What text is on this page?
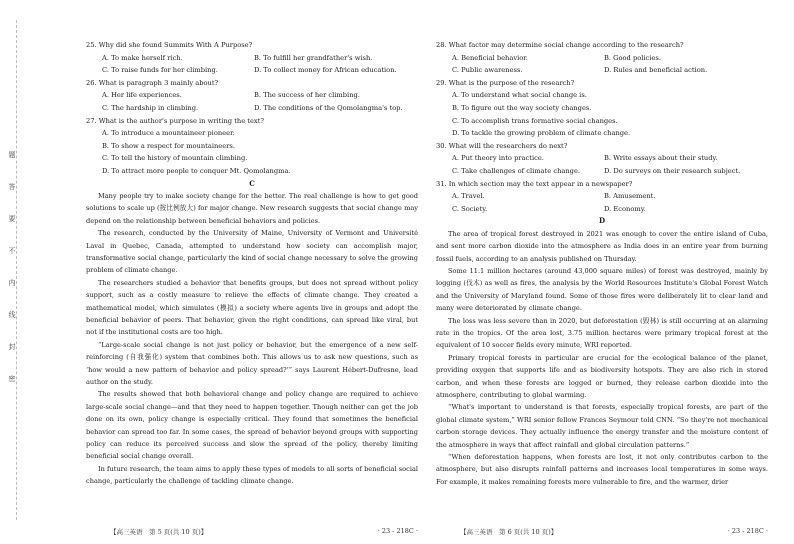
题
答
要
不
内
线
封
密
25. Why did she found Summits With A Purpose?
A. To make herself rich.	B. To fulfill her grandfather's wish.
C. To raise funds for her climbing.	D. To collect money for African education.
26. What is paragraph 3 mainly about?
A. Her life experiences.	B. The success of her climbing.
C. The hardship in climbing.	D. The conditions of the Qomolangma's top.
27. What is the author's purpose in writing the text?
A. To introduce a mountaineer pioneer.
B. To show a respect for mountaineers.
C. To tell the history of mountain climbing.
D. To attract more people to conquer Mt. Qomolangma.
C

Many people try to make society change for the better. The real challenge is how to get good solutions to scale up (按比例放大) for major change. New research suggests that social change may depend on the relationship between beneficial behaviors and policies.

The research, conducted by the University of Maine, University of Vermont and Université Laval in Quebec, Canada, attempted to understand how society can accomplish major, transformative social change, particularly the kind of social change necessary to solve the growing problem of climate change.

The researchers studied a behavior that benefits groups, but does not spread without policy support, such as a costly measure to relieve the effects of climate change. They created a mathematical model, which simulates (模拟) a society where agents live in groups and adopt the beneficial behavior of peers. That behavior, given the right conditions, can spread like viral, but not if the institutional costs are too high.

“Large-scale social change is not just policy or behavior, but the emergence of a new self-reinforcing (自我强化) system that combines both. This allows us to ask new questions, such as ‘how would a new pattern of behavior and policy spread?’” says Laurent Hébert-Dufresne, lead author on the study.

The results showed that both behavioral change and policy change are required to achieve large-scale social change—and that they need to happen together. Though neither can get the job done on its own, policy change is especially critical. They found that sometimes the beneficial behavior can spread too far. In some cases, the spread of behavior beyond groups with supporting policy can reduce its perceived success and slow the spread of the policy, thereby limiting beneficial social change overall.

In future research, the team aims to apply these types of models to all sorts of beneficial social change, particularly the challenge of tackling climate change.

【高三英语　第 5 页(共 10 页)】	· 23 - 218C ·
28. What factor may determine social change according to the research?
A. Beneficial behavior.	B. Good policies.
C. Public awareness.	D. Rules and beneficial action.
29. What is the purpose of the research?
A. To understand what social change is.
B. To figure out the way society changes.
C. To accomplish trans formative social changes.
D. To tackle the growing problem of climate change.
30. What will the researchers do next?
A. Put theory into practice.	B. Write essays about their study.
C. Take challenges of climate change.	D. Do surveys on their research subject.
31. In which section may the text appear in a newspaper?
A. Travel.	B. Amusement.
C. Society.	D. Economy.
D

The area of tropical forest destroyed in 2021 was enough to cover the entire island of Cuba, and sent more carbon dioxide into the atmosphere as India does in an entire year from burning fossil fuels, according to an analysis published on Thursday.

Some 11.1 million hectares (around 43,000 square miles) of forest was destroyed, mainly by logging (伐木) as well as fires, the analysis by the World Resources Institute's Global Forest Watch and the University of Maryland found. Some of those fires were deliberately lit to clear land and many were deteriorated by climate change.

The loss was less severe than in 2020, but deforestation (毁林) is still occurring at an alarming rate in the tropics. Of the area lost, 3.75 million hectares were primary tropical forest at the equivalent of 10 soccer fields every minute, WRI reported.

Primary tropical forests in particular are crucial for the ecological balance of the planet, providing oxygen that supports life and as biodiversity hotspots. They are also rich in stored carbon, and when these forests are logged or burned, they release carbon dioxide into the atmosphere, contributing to global warming.

“What's important to understand is that forests, especially tropical forests, are part of the global climate system,” WRI senior fellow Frances Seymour told CNN. “So they're not mechanical carbon storage devices. They actually influence the energy transfer and the moisture content of the atmosphere in ways that affect rainfall and global circulation patterns.”

“When deforestation happens, when forests are lost, it not only contributes carbon to the atmosphere, but also disrupts rainfall patterns and increases local temperatures in some ways. For example, it makes remaining forests more vulnerable to fire, and the warmer, drier

【高三英语　第 6 页(共 10 页)】	· 23 - 218C ·
